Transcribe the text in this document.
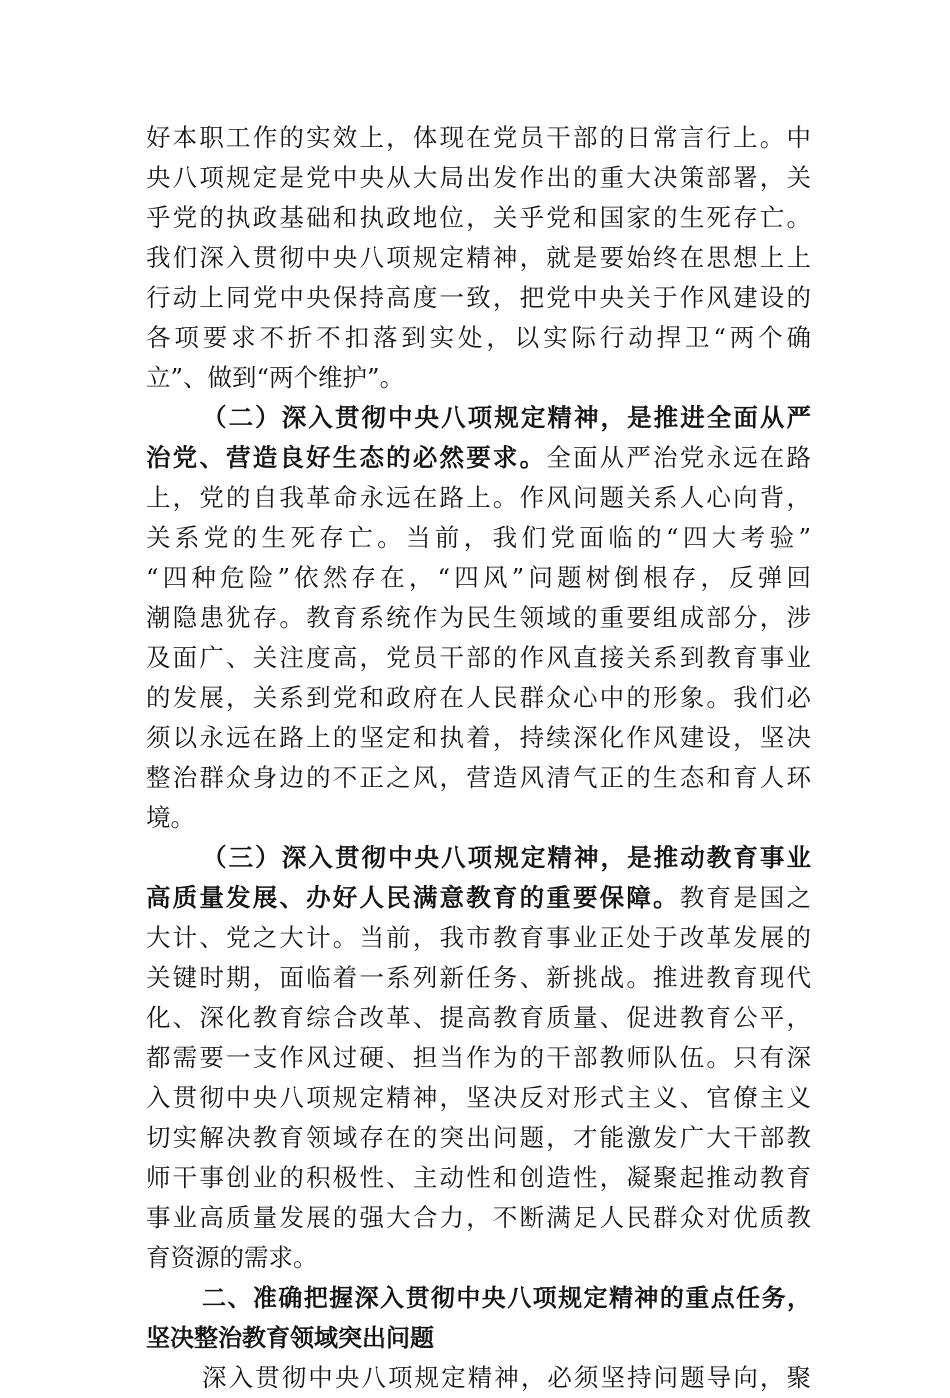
好本职工作的实效上，体现在党员干部的日常言行上。中
央八项规定是党中央从大局出发作出的重大决策部署，关
乎党的执政基础和执政地位，关乎党和国家的生死存亡。
我们深入贯彻中央八项规定精神，就是要始终在思想上上
行动上同党中央保持高度一致，把党中央关于作风建设的
各项要求不折不扣落到实处，以实际行动捍卫“两个确
立”、做到“两个维护”。
（二）深入贯彻中央八项规定精神，是推进全面从严
治党、营造良好生态的必然要求。全面从严治党永远在路
上，党的自我革命永远在路上。作风问题关系人心向背，
关系党的生死存亡。当前，我们党面临的“四大考验”
“四种危险”依然存在，“四风”问题树倒根存，反弹回
潮隐患犹存。教育系统作为民生领域的重要组成部分，涉
及面广、关注度高，党员干部的作风直接关系到教育事业
的发展，关系到党和政府在人民群众心中的形象。我们必
须以永远在路上的坚定和执着，持续深化作风建设，坚决
整治群众身边的不正之风，营造风清气正的生态和育人环
境。
（三）深入贯彻中央八项规定精神，是推动教育事业
高质量发展、办好人民满意教育的重要保障。教育是国之
大计、党之大计。当前，我市教育事业正处于改革发展的
关键时期，面临着一系列新任务、新挑战。推进教育现代
化、深化教育综合改革、提高教育质量、促进教育公平，
都需要一支作风过硬、担当作为的干部教师队伍。只有深
入贯彻中央八项规定精神，坚决反对形式主义、官僚主义
切实解决教育领域存在的突出问题，才能激发广大干部教
师干事创业的积极性、主动性和创造性，凝聚起推动教育
事业高质量发展的强大合力，不断满足人民群众对优质教
育资源的需求。
二、准确把握深入贯彻中央八项规定精神的重点任务，
坚决整治教育领域突出问题
深入贯彻中央八项规定精神，必须坚持问题导向，聚
